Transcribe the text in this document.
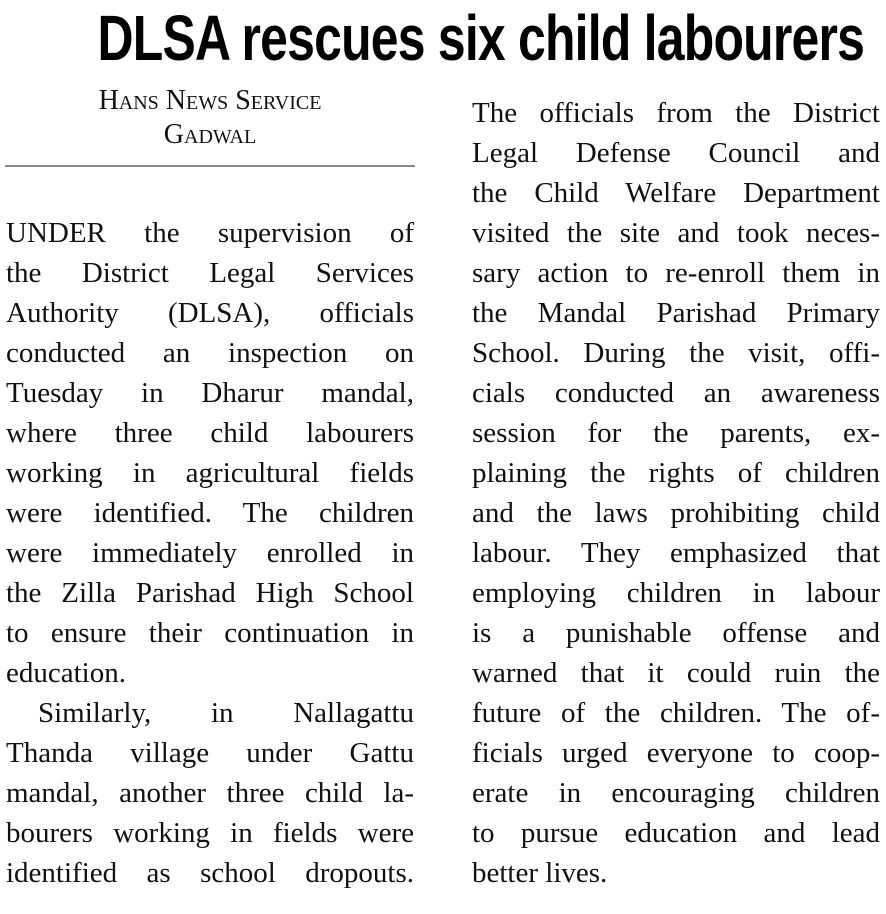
DLSA rescues six child labourers
Hans News Service
Gadwal
UNDER the supervision of
the District Legal Services
Authority (DLSA), officials
conducted an inspection on
Tuesday in Dharur mandal,
where three child labourers
working in agricultural fields
were identified. The children
were immediately enrolled in
the Zilla Parishad High School
to ensure their continuation in
education.
Similarly, in Nallagattu
Thanda village under Gattu
mandal, another three child la-
bourers working in fields were
identified as school dropouts.
The officials from the District
Legal Defense Council and
the Child Welfare Department
visited the site and took neces-
sary action to re-enroll them in
the Mandal Parishad Primary
School. During the visit, offi-
cials conducted an awareness
session for the parents, ex-
plaining the rights of children
and the laws prohibiting child
labour. They emphasized that
employing children in labour
is a punishable offense and
warned that it could ruin the
future of the children. The of-
ficials urged everyone to coop-
erate in encouraging children
to pursue education and lead
better lives.
